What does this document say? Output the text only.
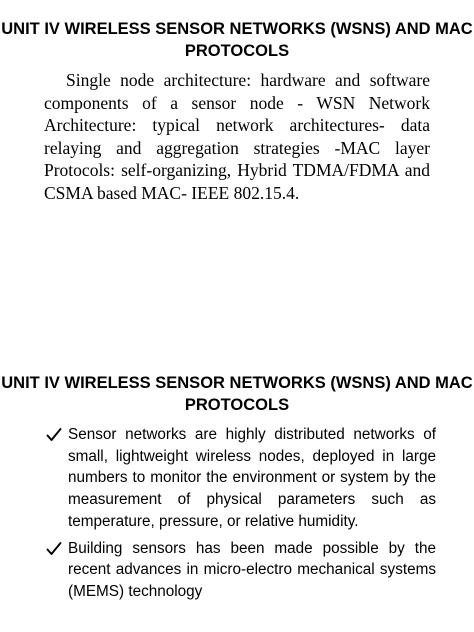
UNIT IV WIRELESS SENSOR NETWORKS (WSNS) AND MAC PROTOCOLS
Single node architecture: hardware and software components of a sensor node - WSN Network Architecture: typical network architectures- data relaying and aggregation strategies -MAC layer Protocols: self-organizing, Hybrid TDMA/FDMA and CSMA based MAC- IEEE 802.15.4.
UNIT IV WIRELESS SENSOR NETWORKS (WSNS) AND MAC PROTOCOLS
Sensor networks are highly distributed networks of small, lightweight wireless nodes, deployed in large numbers to monitor the environment or system by the measurement of physical parameters such as temperature, pressure, or relative humidity.
Building sensors has been made possible by the recent advances in micro-electro mechanical systems (MEMS) technology
